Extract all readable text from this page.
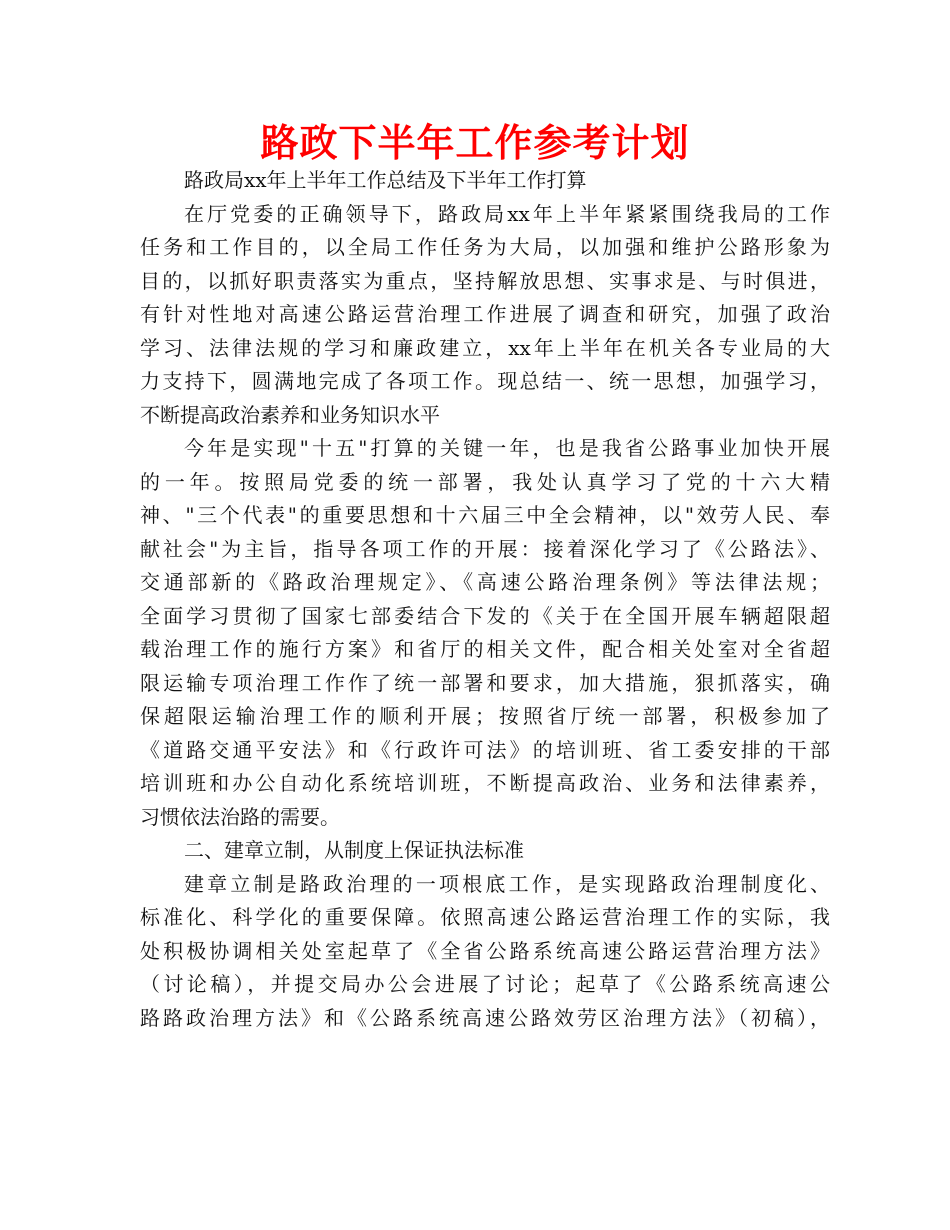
路政下半年工作参考计划
路政局xx年上半年工作总结及下半年工作打算
在厅党委的正确领导下，路政局xx年上半年紧紧围绕我局的工作
任务和工作目的，以全局工作任务为大局，以加强和维护公路形象为
目的，以抓好职责落实为重点，坚持解放思想、实事求是、与时俱进，
有针对性地对高速公路运营治理工作进展了调查和研究，加强了政治
学习、法律法规的学习和廉政建立，xx年上半年在机关各专业局的大
力支持下，圆满地完成了各项工作。现总结一、统一思想，加强学习，
不断提高政治素养和业务知识水平
今年是实现"十五"打算的关键一年，也是我省公路事业加快开展
的一年。按照局党委的统一部署，我处认真学习了党的十六大精
神、"三个代表"的重要思想和十六届三中全会精神，以"效劳人民、奉
献社会"为主旨，指导各项工作的开展：接着深化学习了《公路法》、
交通部新的《路政治理规定》、《高速公路治理条例》等法律法规；
全面学习贯彻了国家七部委结合下发的《关于在全国开展车辆超限超
载治理工作的施行方案》和省厅的相关文件，配合相关处室对全省超
限运输专项治理工作作了统一部署和要求，加大措施，狠抓落实，确
保超限运输治理工作的顺利开展；按照省厅统一部署，积极参加了
《道路交通平安法》和《行政许可法》的培训班、省工委安排的干部
培训班和办公自动化系统培训班，不断提高政治、业务和法律素养，
习惯依法治路的需要。
二、建章立制，从制度上保证执法标准
建章立制是路政治理的一项根底工作，是实现路政治理制度化、
标准化、科学化的重要保障。依照高速公路运营治理工作的实际，我
处积极协调相关处室起草了《全省公路系统高速公路运营治理方法》
（讨论稿），并提交局办公会进展了讨论；起草了《公路系统高速公
路路政治理方法》和《公路系统高速公路效劳区治理方法》（初稿），
